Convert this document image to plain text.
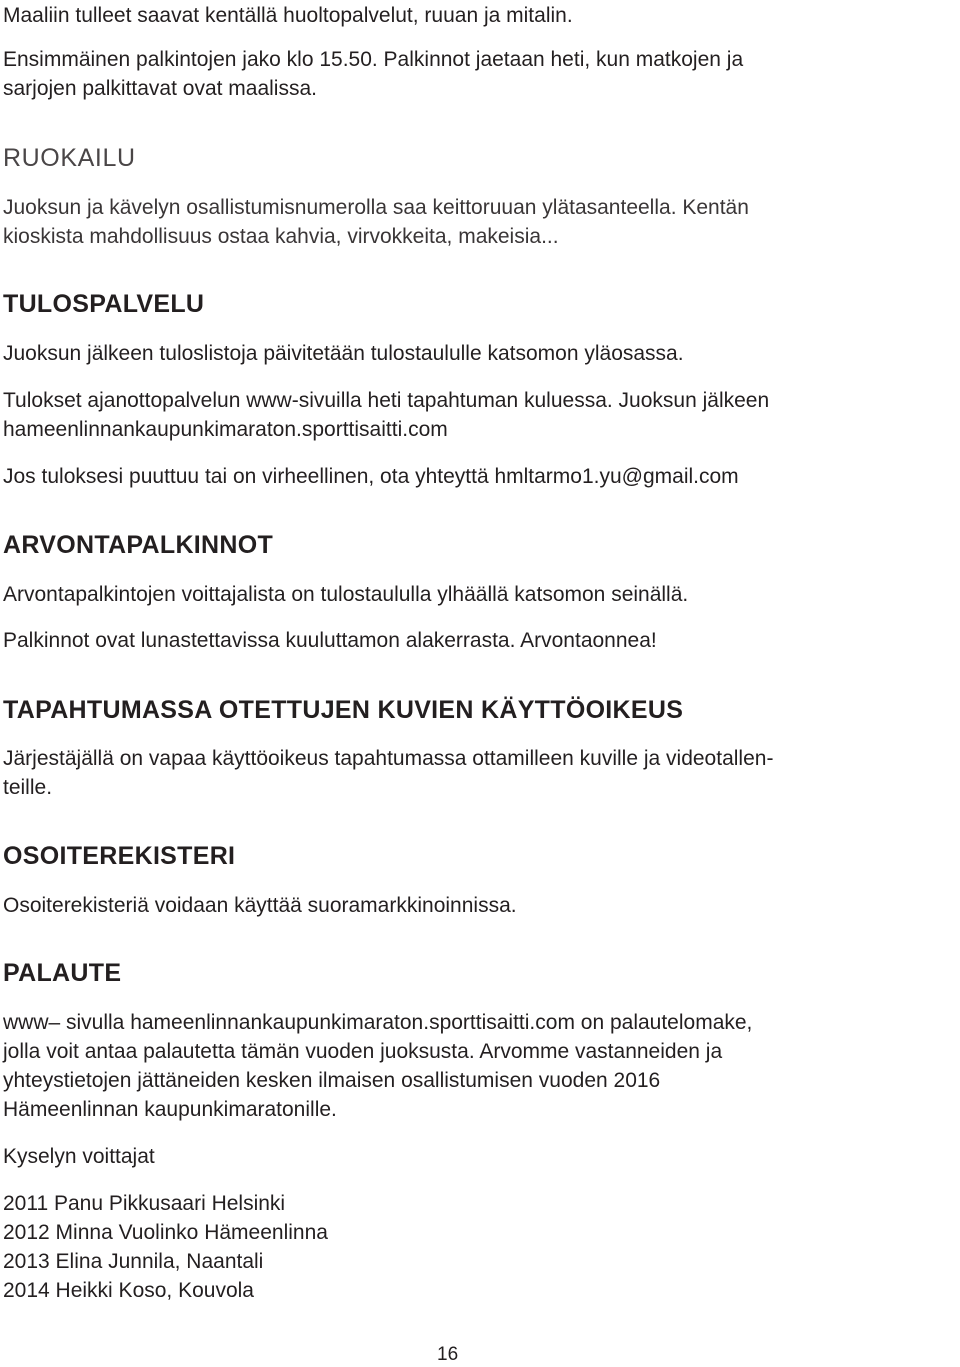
Maaliin tulleet saavat kentällä huoltopalvelut, ruuan ja mitalin.

Ensimmäinen palkintojen jako klo 15.50. Palkinnot jaetaan heti, kun matkojen ja

sarjojen palkittavat ovat maalissa.

RUOKAILU

Juoksun ja kävelyn osallistumisnumerolla saa keittoruuan ylätasanteella. Kentän

kioskista mahdollisuus ostaa kahvia, virvokkeita, makeisia...

TULOSPALVELU

Juoksun jälkeen tuloslistoja päivitetään tulostaululle katsomon yläosassa.

Tulokset ajanottopalvelun www-sivuilla heti tapahtuman kuluessa. Juoksun jälkeen

hameenlinnankaupunkimaraton.sporttisaitti.com

Jos tuloksesi puuttuu tai on virheellinen, ota yhteyttä hmltarmo1.yu@gmail.com

ARVONTAPALKINNOT

Arvontapalkintojen voittajalista on tulostaululla ylhäällä katsomon seinällä.

Palkinnot ovat lunastettavissa kuuluttamon alakerrasta. Arvontaonnea!

TAPAHTUMASSA OTETTUJEN KUVIEN KÄYTTÖOIKEUS

Järjestäjällä on vapaa käyttöoikeus tapahtumassa ottamilleen kuville ja videotallen-

teille.

OSOITEREKISTERI

Osoiterekisteriä voidaan käyttää suoramarkkinoinnissa.

PALAUTE

www– sivulla hameenlinnankaupunkimaraton.sporttisaitti.com on palautelomake,

jolla voit antaa palautetta tämän vuoden juoksusta. Arvomme vastanneiden ja

yhteystietojen jättäneiden kesken ilmaisen osallistumisen vuoden 2016

Hämeenlinnan kaupunkimaratonille.

Kyselyn voittajat

2011 Panu Pikkusaari Helsinki

2012 Minna Vuolinko Hämeenlinna

2013 Elina Junnila, Naantali

2014 Heikki Koso, Kouvola

16
